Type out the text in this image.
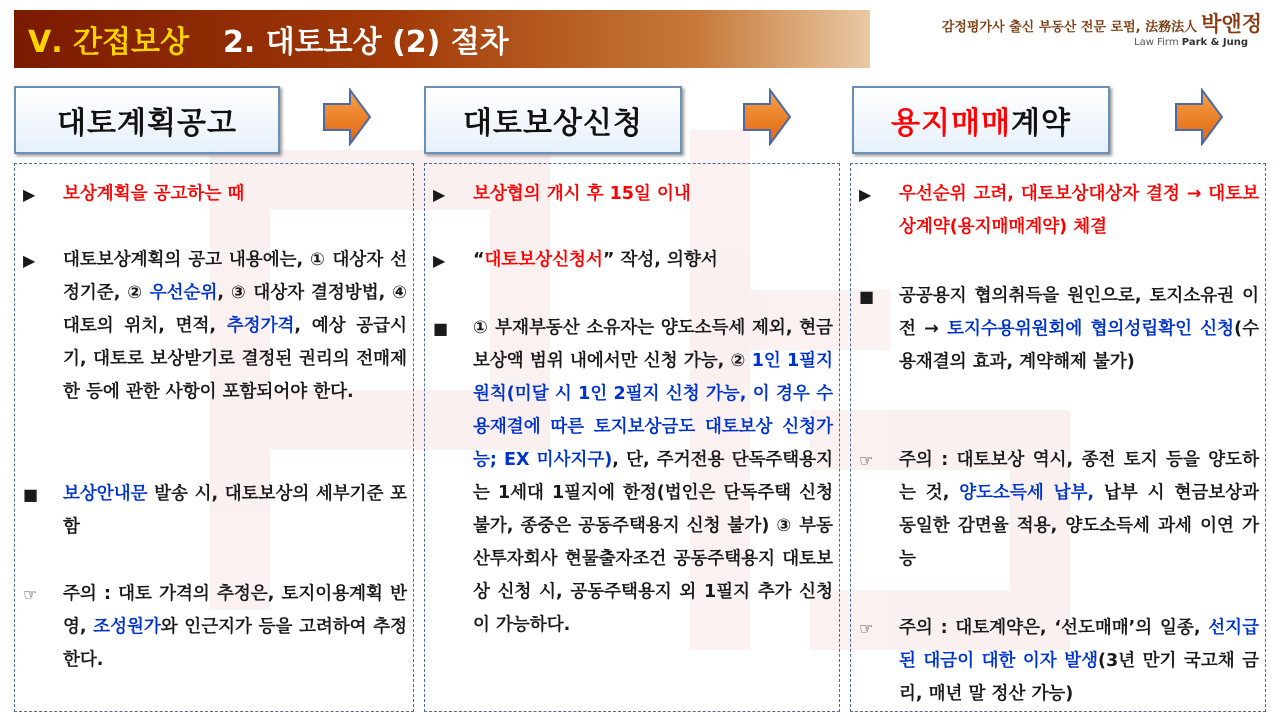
Ⅴ. 간접보상 2. 대토보상 (2) 절차	감정평가사 출신 부동산 전문 로펌, 法務法人 박앤정
Law Firm Park & Jung
대토계획공고	대토보상신청	용지매매 계약
▶	보상계획을 공고하는 때
▶	대토보상계획의 공고 내용에는, ① 대상자 선정기준, ② 우선순위, ③ 대상자 결정방법, ④ 대토의 위치, 면적, 추정가격, 예상 공급시기, 대토로 보상받기로 결정된 권리의 전매제한 등에 관한 사항이 포함되어야 한다.
■	보상안내문 발송 시, 대토보상의 세부기준 포함
☞	주의 : 대토 가격의 추정은, 토지이용계획 반영, 조성원가와 인근지가 등을 고려하여 추정한다.
▶	보상협의 개시 후 15일 이내
▶	“대토보상신청서” 작성, 의향서
■	① 부재부동산 소유자는 양도소득세 제외, 현금보상액 범위 내에서만 신청 가능, ② 1인 1필지 원칙(미달 시 1인 2필지 신청 가능, 이 경우 수용재결에 따른 토지보상금도 대토보상 신청가능; EX 미사지구), 단, 주거전용 단독주택용지는 1세대 1필지에 한정(법인은 단독주택 신청 불가, 종중은 공동주택용지 신청 불가) ③ 부동산투자회사 현물출자조건 공동주택용지 대토보상 신청 시, 공동주택용지 외 1필지 추가 신청이 가능하다.
▶	우선순위 고려, 대토보상대상자 결정 → 대토보상계약(용지매매계약) 체결
■	공공용지 협의취득을 원인으로, 토지소유권 이전 → 토지수용위원회에 협의성립확인 신청(수용재결의 효과, 계약해제 불가)
☞	주의 : 대토보상 역시, 종전 토지 등을 양도하는 것, 양도소득세 납부, 납부 시 현금보상과 동일한 감면율 적용, 양도소득세 과세 이연 가능
☞	주의 : 대토계약은, ‘선도매매’의 일종, 선지급된 대금이 대한 이자 발생(3년 만기 국고채 금리, 매년 말 정산 가능)
